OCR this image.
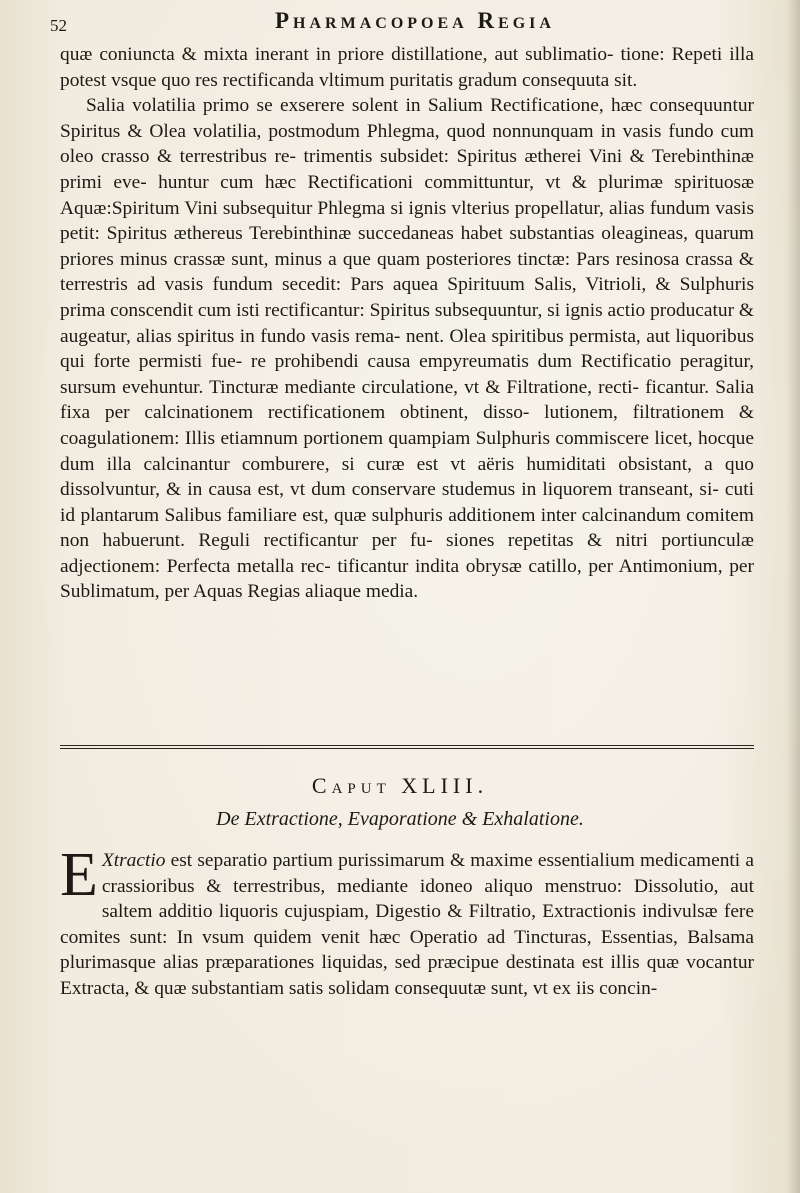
52	Pharmacopoea Regia

quæ coniuncta & mixta inerant in priore distillatione, aut sublimatio- tione: Repeti illa potest vsque quo res rectificanda vltimum puritatis gradum consequuta sit.

Salia volatilia primo se exserere solent in Salium Rectificatione, hæc consequuntur Spiritus & Olea volatilia, postmodum Phlegma, quod nonnunquam in vasis fundo cum oleo crasso & terrestribus re- trimentis subsidet: Spiritus ætherei Vini & Terebinthinæ primi eve- huntur cum hæc Rectificationi committuntur, vt & plurimæ spirituosæ Aquæ:Spiritum Vini subsequitur Phlegma si ignis vlterius propellatur, alias fundum vasis petit: Spiritus æthereus Terebinthinæ succedaneas habet substantias oleagineas, quarum priores minus crassæ sunt, minus a que quam posteriores tinctæ: Pars resinosa crassa & terrestris ad vasis fundum secedit: Pars aquea Spirituum Salis, Vitrioli, & Sulphuris prima conscendit cum isti rectificantur: Spiritus subsequuntur, si ignis actio producatur & augeatur, alias spiritus in fundo vasis rema- nent. Olea spiritibus permista, aut liquoribus qui forte permisti fue- re prohibendi causa empyreumatis dum Rectificatio peragitur, sursum evehuntur. Tincturæ mediante circulatione, vt & Filtratione, recti- ficantur. Salia fixa per calcinationem rectificationem obtinent, disso- lutionem, filtrationem & coagulationem: Illis etiamnum portionem quampiam Sulphuris commiscere licet, hocque dum illa calcinantur comburere, si curæ est vt aëris humiditati obsistant, a quo dissolvuntur, & in causa est, vt dum conservare studemus in liquorem transeant, si- cuti id plantarum Salibus familiare est, quæ sulphuris additionem inter calcinandum comitem non habuerunt. Reguli rectificantur per fu- siones repetitas & nitri portiunculæ adjectionem: Perfecta metalla rec- tificantur indita obrysæ catillo, per Antimonium, per Sublimatum, per Aquas Regias aliaque media.

Caput XLIII.
De Extractione, Evaporatione & Exhalatione.
E Xtractio est separatio partium purissimarum & maxime essentialium medicamenti a crassioribus & terrestribus, mediante idoneo aliquo menstruo: Dissolutio, aut saltem additio liquoris cujuspiam, Digestio & Filtratio, Extractionis indivulsæ fere comites sunt: In vsum quidem venit hæc Operatio ad Tincturas, Essentias, Balsama plurimasque alias præparationes liquidas, sed præcipue destinata est illis quæ vocantur Extracta, & quæ substantiam satis solidam consequutæ sunt, vt ex iis concin-
